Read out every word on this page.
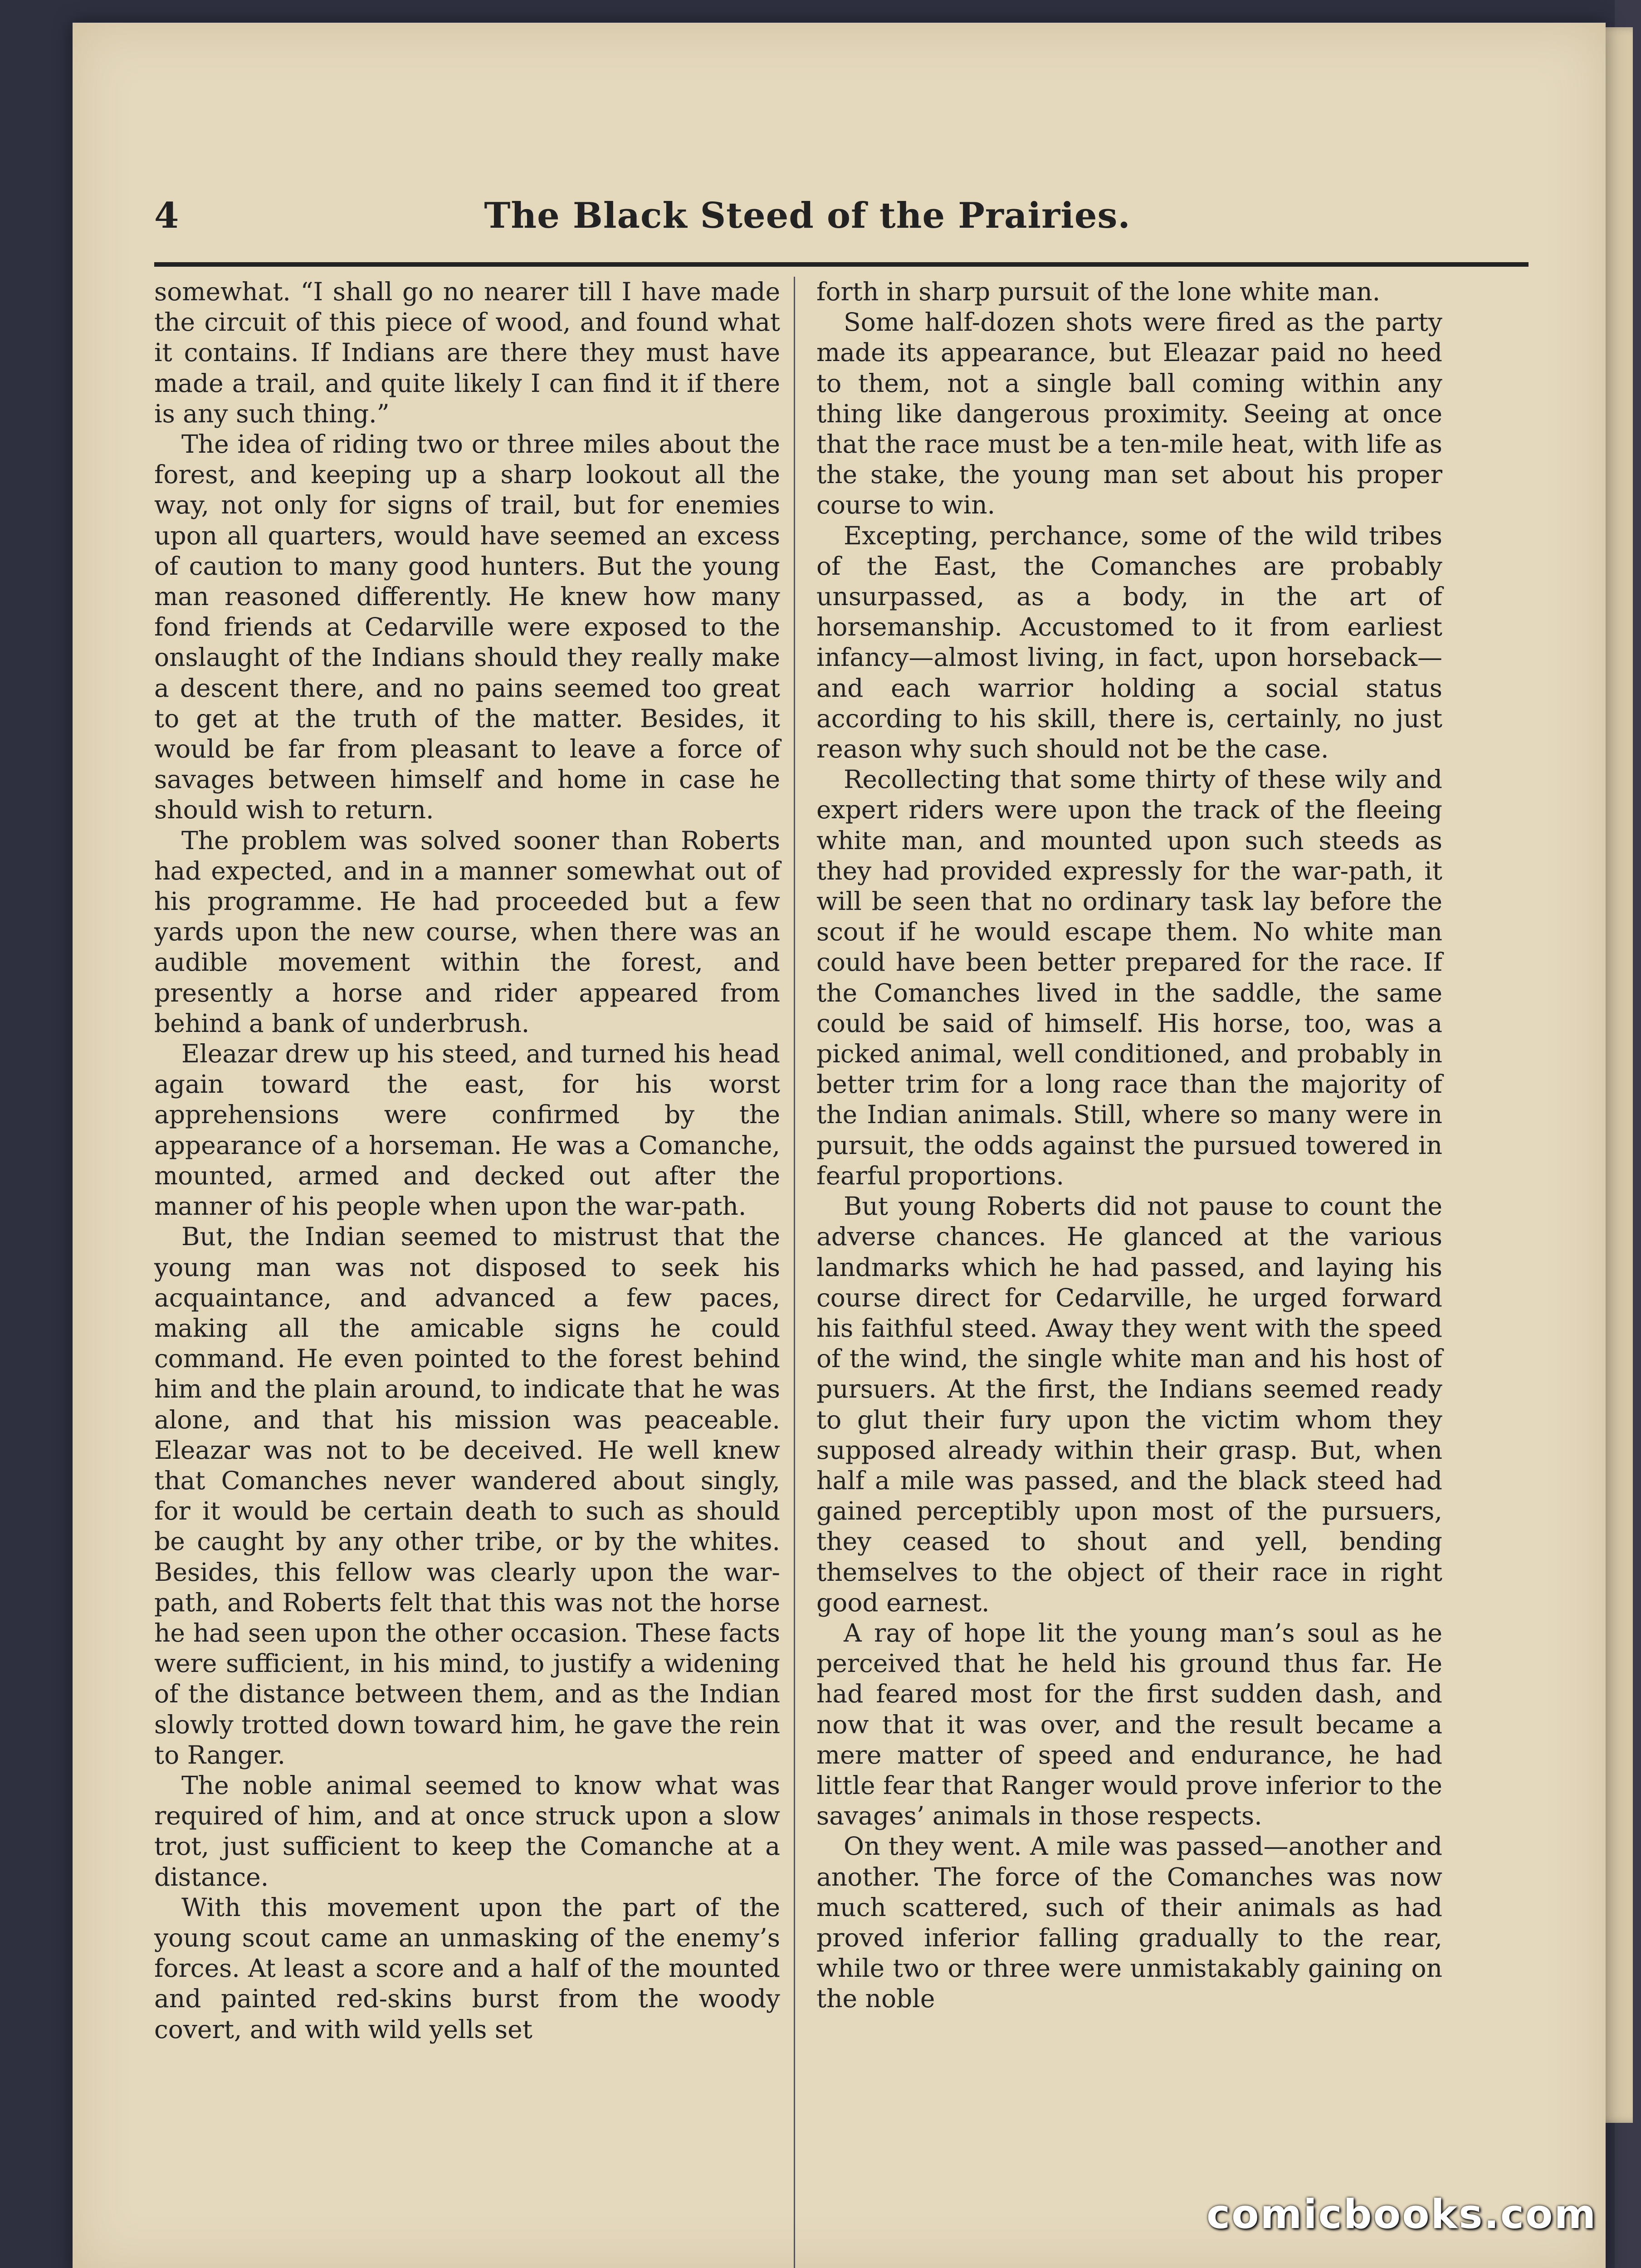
The Black Steed of the Prairies.
4

somewhat. “I shall go no nearer till I have made the circuit of this piece of wood, and found what it contains. If Indians are there they must have made a trail, and quite likely I can find it if there is any such thing.”

The idea of riding two or three miles about the forest, and keeping up a sharp lookout all the way, not only for signs of trail, but for enemies upon all quarters, would have seemed an excess of caution to many good hunters. But the young man reasoned differently. He knew how many fond friends at Cedarville were exposed to the onslaught of the Indians should they really make a descent there, and no pains seemed too great to get at the truth of the matter. Besides, it would be far from pleasant to leave a force of savages between himself and home in case he should wish to return.

The problem was solved sooner than Roberts had expected, and in a manner somewhat out of his programme. He had proceeded but a few yards upon the new course, when there was an audible movement within the forest, and presently a horse and rider appeared from behind a bank of underbrush.

Eleazar drew up his steed, and turned his head again toward the east, for his worst apprehensions were confirmed by the appearance of a horseman. He was a Comanche, mounted, armed and decked out after the manner of his people when upon the war-path.

But, the Indian seemed to mistrust that the young man was not disposed to seek his acquaintance, and advanced a few paces, making all the amicable signs he could command. He even pointed to the forest behind him and the plain around, to indicate that he was alone, and that his mission was peaceable. Eleazar was not to be deceived. He well knew that Comanches never wandered about singly, for it would be certain death to such as should be caught by any other tribe, or by the whites. Besides, this fellow was clearly upon the war-path, and Roberts felt that this was not the horse he had seen upon the other occasion. These facts were sufficient, in his mind, to justify a widening of the distance between them, and as the Indian slowly trotted down toward him, he gave the rein to Ranger.

The noble animal seemed to know what was required of him, and at once struck upon a slow trot, just sufficient to keep the Comanche at a distance.

With this movement upon the part of the young scout came an unmasking of the enemy’s forces. At least a score and a half of the mounted and painted red-skins burst from the woody covert, and with wild yells set

forth in sharp pursuit of the lone white man.

Some half-dozen shots were fired as the party made its appearance, but Eleazar paid no heed to them, not a single ball coming within any thing like dangerous proximity. Seeing at once that the race must be a ten-mile heat, with life as the stake, the young man set about his proper course to win.

Excepting, perchance, some of the wild tribes of the East, the Comanches are probably unsurpassed, as a body, in the art of horsemanship. Accustomed to it from earliest infancy—almost living, in fact, upon horseback—and each warrior holding a social status according to his skill, there is, certainly, no just reason why such should not be the case.

Recollecting that some thirty of these wily and expert riders were upon the track of the fleeing white man, and mounted upon such steeds as they had provided expressly for the war-path, it will be seen that no ordinary task lay before the scout if he would escape them. No white man could have been better prepared for the race. If the Comanches lived in the saddle, the same could be said of himself. His horse, too, was a picked animal, well conditioned, and probably in better trim for a long race than the majority of the Indian animals. Still, where so many were in pursuit, the odds against the pursued towered in fearful proportions.

But young Roberts did not pause to count the adverse chances. He glanced at the various landmarks which he had passed, and laying his course direct for Cedarville, he urged forward his faithful steed. Away they went with the speed of the wind, the single white man and his host of pursuers. At the first, the Indians seemed ready to glut their fury upon the victim whom they supposed already within their grasp. But, when half a mile was passed, and the black steed had gained perceptibly upon most of the pursuers, they ceased to shout and yell, bending themselves to the object of their race in right good earnest.

A ray of hope lit the young man’s soul as he perceived that he held his ground thus far. He had feared most for the first sudden dash, and now that it was over, and the result became a mere matter of speed and endurance, he had little fear that Ranger would prove inferior to the savages’ animals in those respects.

On they went. A mile was passed—another and another. The force of the Comanches was now much scattered, such of their animals as had proved inferior falling gradually to the rear, while two or three were unmistakably gaining on the noble

comicbooks.com
